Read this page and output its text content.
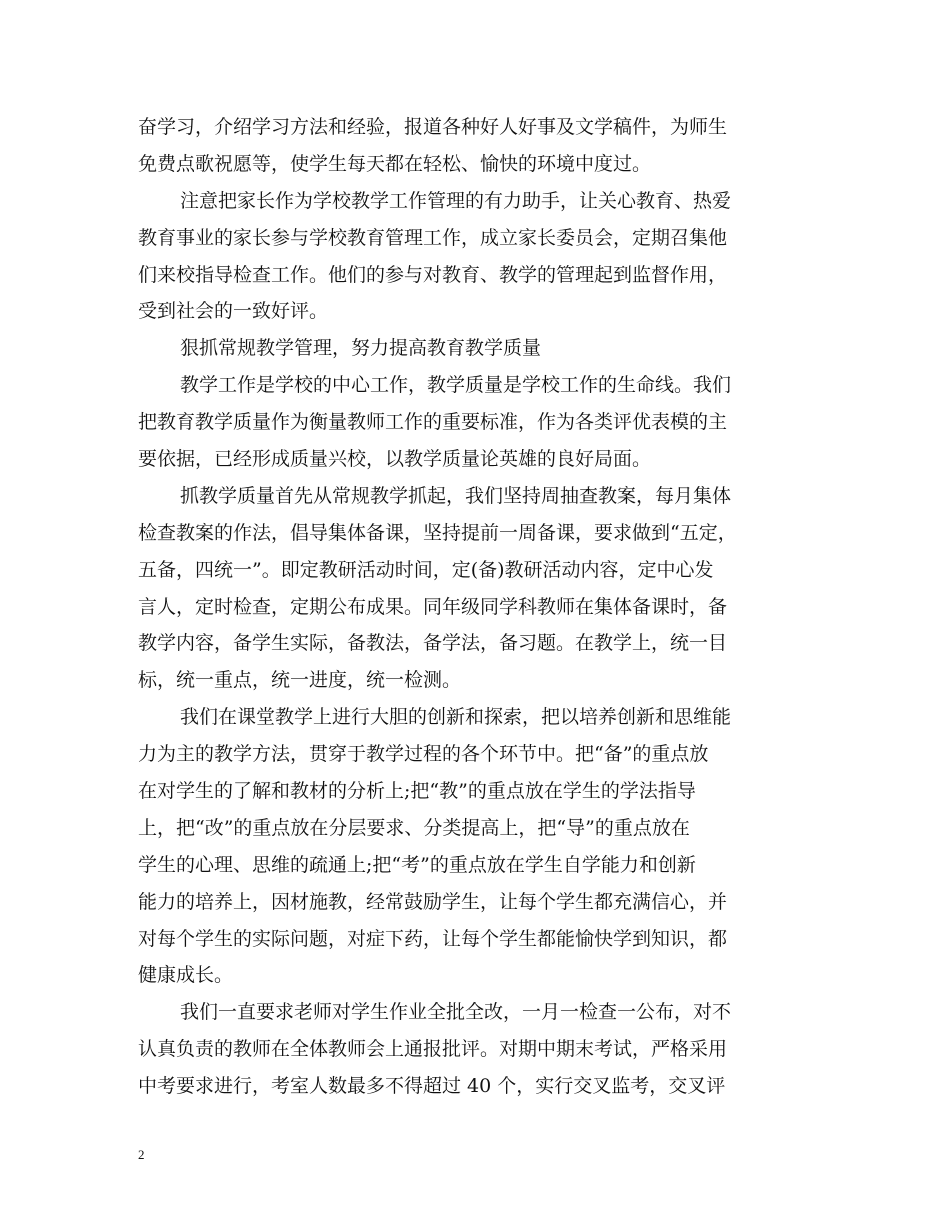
奋学习，介绍学习方法和经验，报道各种好人好事及文学稿件，为师生
免费点歌祝愿等，使学生每天都在轻松、愉快的环境中度过。
注意把家长作为学校教学工作管理的有力助手，让关心教育、热爱
教育事业的家长参与学校教育管理工作，成立家长委员会，定期召集他
们来校指导检查工作。他们的参与对教育、教学的管理起到监督作用，
受到社会的一致好评。
狠抓常规教学管理，努力提高教育教学质量
教学工作是学校的中心工作，教学质量是学校工作的生命线。我们
把教育教学质量作为衡量教师工作的重要标准，作为各类评优表模的主
要依据，已经形成质量兴校，以教学质量论英雄的良好局面。
抓教学质量首先从常规教学抓起，我们坚持周抽查教案，每月集体
检查教案的作法，倡导集体备课，坚持提前一周备课，要求做到“五定，
五备，四统一”。即定教研活动时间，定(备)教研活动内容，定中心发
言人，定时检查，定期公布成果。同年级同学科教师在集体备课时，备
教学内容，备学生实际，备教法，备学法，备习题。在教学上，统一目
标，统一重点，统一进度，统一检测。
我们在课堂教学上进行大胆的创新和探索，把以培养创新和思维能
力为主的教学方法，贯穿于教学过程的各个环节中。把“备”的重点放
在对学生的了解和教材的分析上;把“教”的重点放在学生的学法指导
上，把“改”的重点放在分层要求、分类提高上，把“导”的重点放在
学生的心理、思维的疏通上;把“考”的重点放在学生自学能力和创新
能力的培养上，因材施教，经常鼓励学生，让每个学生都充满信心，并
对每个学生的实际问题，对症下药，让每个学生都能愉快学到知识，都
健康成长。
我们一直要求老师对学生作业全批全改，一月一检查一公布，对不
认真负责的教师在全体教师会上通报批评。对期中期末考试，严格采用
中考要求进行，考室人数最多不得超过 40 个，实行交叉监考，交叉评
2
